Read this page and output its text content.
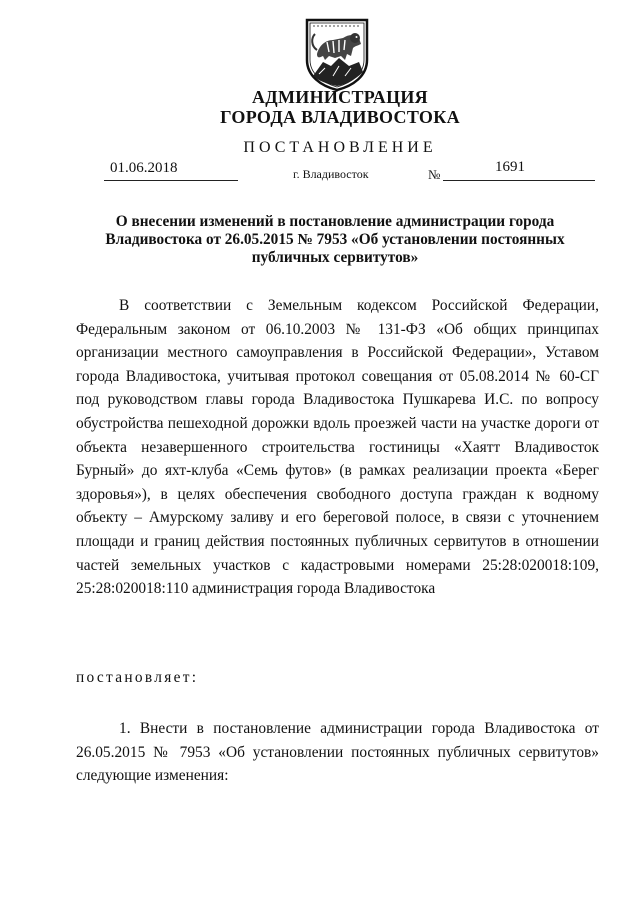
АДМИНИСТРАЦИЯ
ГОРОДА ВЛАДИВОСТОКА
ПОСТАНОВЛЕНИЕ
01.06.2018	г. Владивосток	№	1691
О внесении изменений в постановление администрации города Владивостока от 26.05.2015 № 7953 «Об установлении постоянных публичных сервитутов»
В соответствии с Земельным кодексом Российской Федерации, Федеральным законом от 06.10.2003 № 131-ФЗ «Об общих принципах организации местного самоуправления в Российской Федерации», Уставом города Владивостока, учитывая протокол совещания от 05.08.2014 № 60-СГ под руководством главы города Владивостока Пушкарева И.С. по вопросу обустройства пешеходной дорожки вдоль проезжей части на участке дороги от объекта незавершенного строительства гостиницы «Хаятт Владивосток Бурный» до яхт-клуба «Семь футов» (в рамках реализации проекта «Берег здоровья»), в целях обеспечения свободного доступа граждан к водному объекту – Амурскому заливу и его береговой полосе, в связи с уточнением площади и границ действия постоянных публичных сервитутов в отношении частей земельных участков с кадастровыми номерами 25:28:020018:109, 25:28:020018:110 администрация города Владивостока
постановляет:
1. Внести в постановление администрации города Владивостока от 26.05.2015 № 7953 «Об установлении постоянных публичных сервитутов» следующие изменения:
